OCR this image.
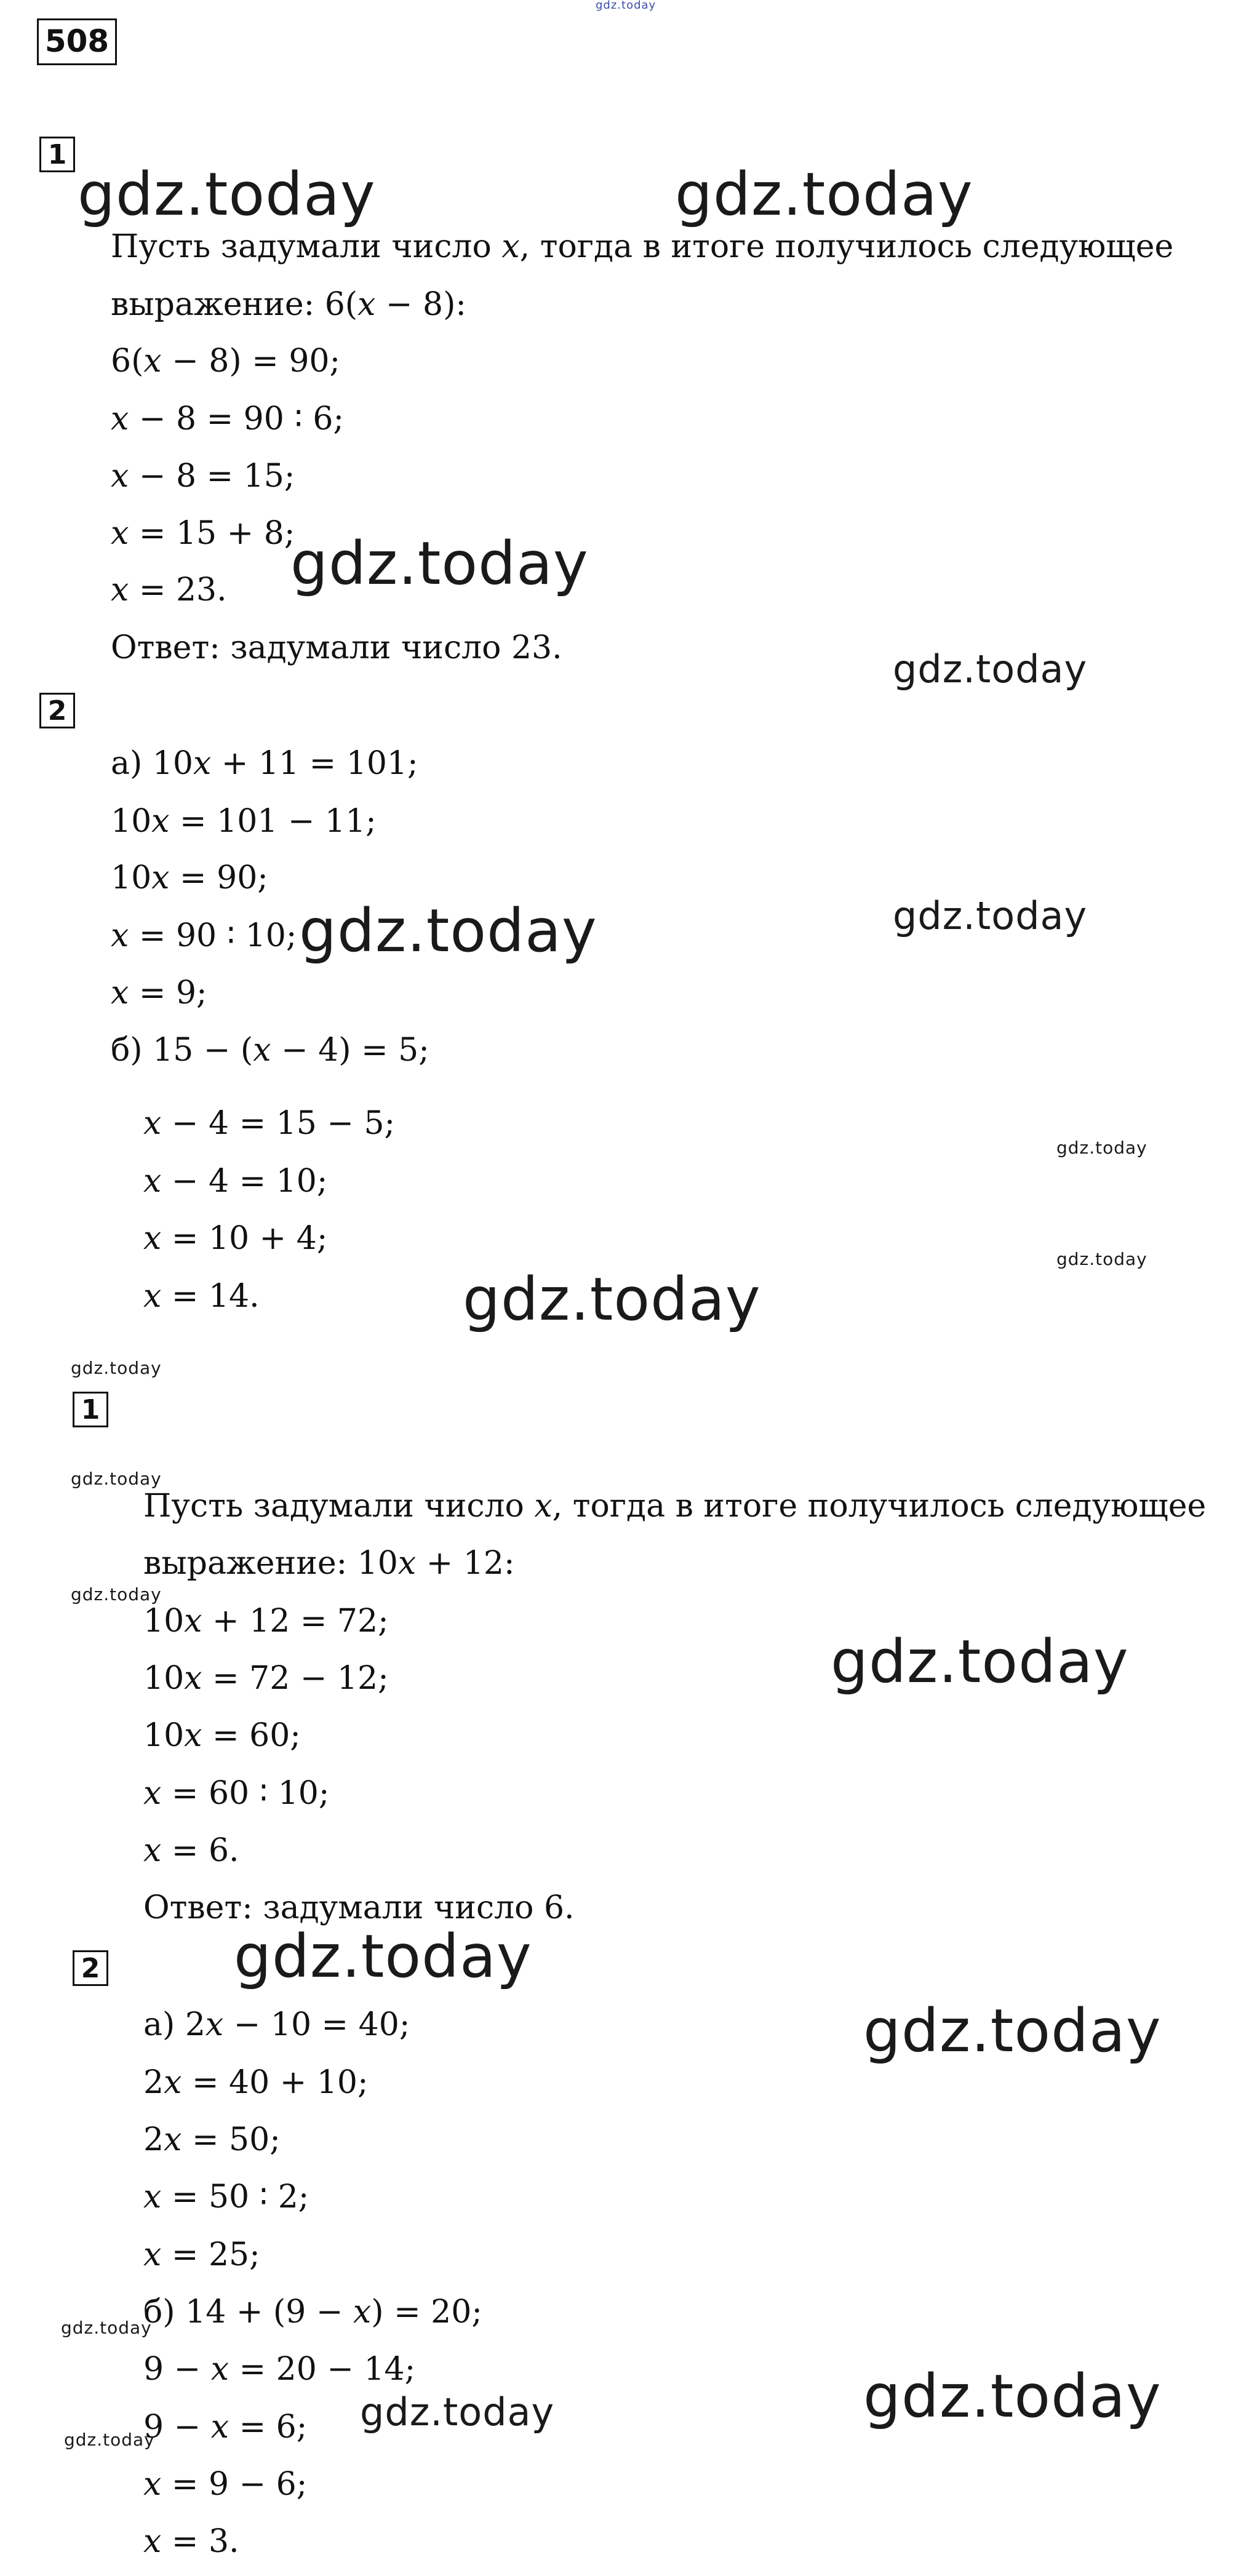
508
1
Пусть задумали число 𝑥, тогда в итоге получилось следующее
выражение: 6(𝑥 − 8):
6(𝑥 − 8) = 90;
𝑥 − 8 = 90 ∶ 6;
𝑥 − 8 = 15;
𝑥 = 15 + 8;
𝑥 = 23.
Ответ: задумали число 23.
2
а) 10𝑥 + 11 = 101;
10𝑥 = 101 − 11;
10𝑥 = 90;
𝑥 = 90 ∶ 10;
𝑥 = 9;
б) 15 − (𝑥 − 4) = 5;
𝑥 − 4 = 15 − 5;
𝑥 − 4 = 10;
𝑥 = 10 + 4;
𝑥 = 14.
1
Пусть задумали число 𝑥, тогда в итоге получилось следующее
выражение: 10𝑥 + 12:
10𝑥 + 12 = 72;
10𝑥 = 72 − 12;
10𝑥 = 60;
𝑥 = 60 ∶ 10;
𝑥 = 6.
Ответ: задумали число 6.
2
а) 2𝑥 − 10 = 40;
2𝑥 = 40 + 10;
2𝑥 = 50;
𝑥 = 50 ∶ 2;
𝑥 = 25;
б) 14 + (9 − 𝑥) = 20;
9 − 𝑥 = 20 − 14;
9 − 𝑥 = 6;
𝑥 = 9 − 6;
𝑥 = 3.
gdz.today
gdz.today	gdz.today
gdz.today
gdz.today
gdz.today	gdz.today
gdz.today
gdz.today
gdz.today
gdz.today
gdz.today
gdz.today
gdz.today
gdz.today
gdz.today
gdz.today
gdz.today
gdz.today
gdz.today
